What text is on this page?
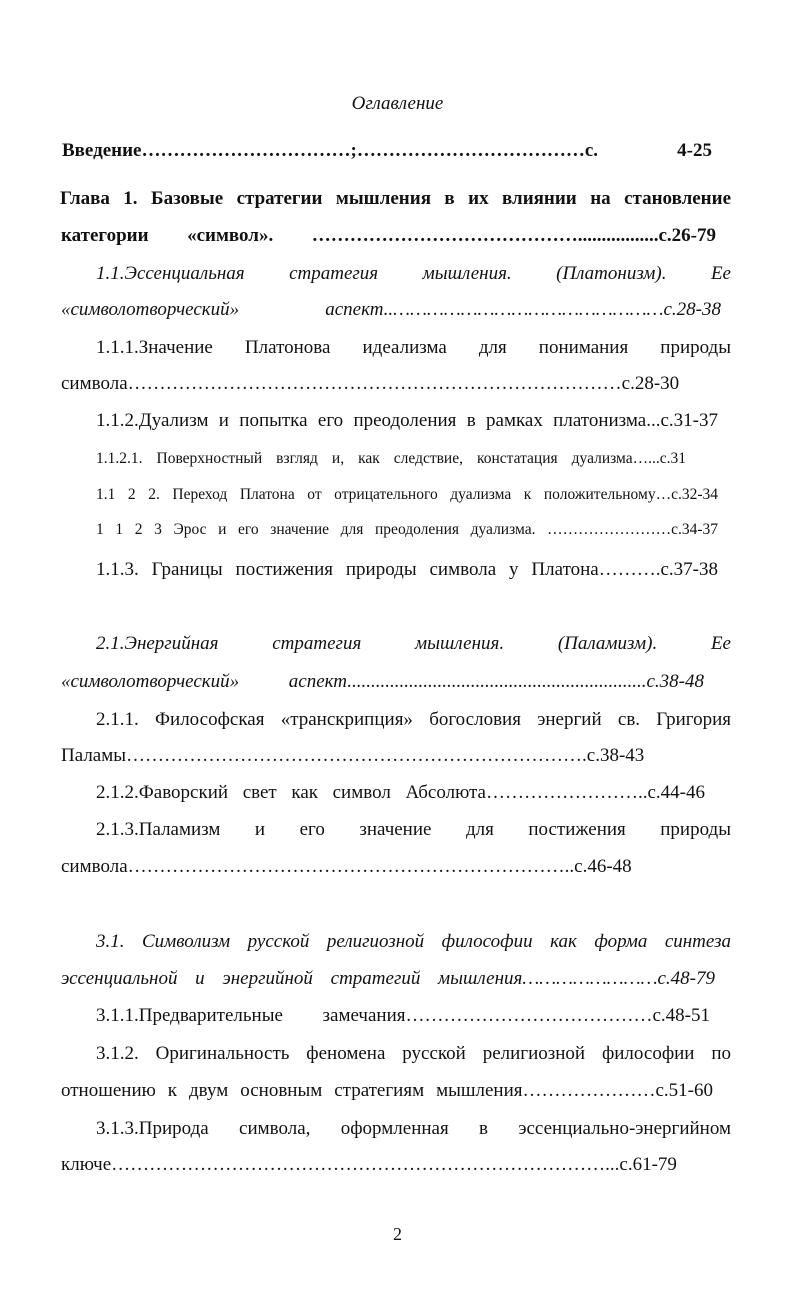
Оглавление
Введение……………………………;………………………………с. 4-25
Глава 1. Базовые стратегии мышления в их влиянии на становление
категории «символ». …………………………………….................с.26-79
1.1.Эссенциальная стратегия мышления. (Платонизм). Ее
«символотворческий» аспект..…………………………………………с.28-38
1.1.1.Значение Платонова идеализма для понимания природы
символа……………………………………………………………………с.28-30
1.1.2.Дуализм и попытка его преодоления в рамках платонизма...с.31-37
1.1.2.1. Поверхностный взгляд и, как следствие, констатация дуализма…...с.31
1.1 2 2. Переход Платона от отрицательного дуализма к положительному…с.32-34
1 1 2 3 Эрос и его значение для преодоления дуализма. ……………………с.34-37
1.1.3. Границы постижения природы символа у Платона……….с.37-38
2.1.Энергийная стратегия мышления. (Паламизм). Ее
«символотворческий» аспект...............................................................с.38-48
2.1.1. Философская «транскрипция» богословия энергий св. Григория
Паламы……………………………………………………………….с.38-43
2.1.2.Фаворский свет как символ Абсолюта……………………..с.44-46
2.1.3.Паламизм и его значение для постижения природы
символа……………………………………………………………..с.46-48
3.1. Символизм русской религиозной философии как форма синтеза
эссенциальной и энергийной стратегий мышления……………………с.48-79
3.1.1.Предварительные замечания…………………………………с.48-51
3.1.2. Оригинальность феномена русской религиозной философии по
отношению к двум основным стратегиям мышления…………………с.51-60
3.1.3.Природа символа, оформленная в эссенциально-энергийном
ключе……………………………………………………………………...с.61-79
2
